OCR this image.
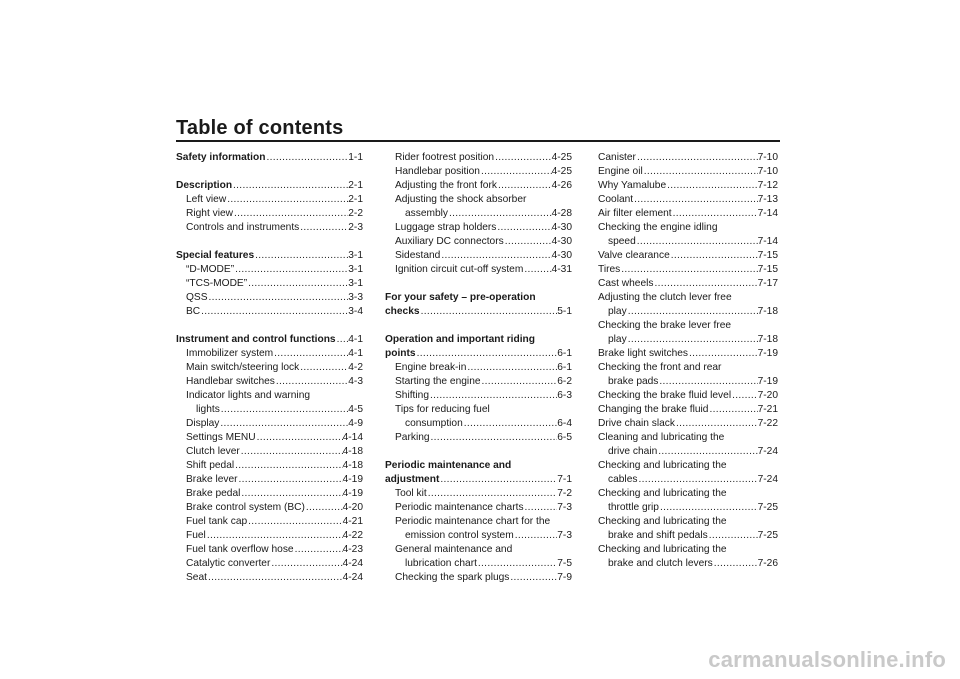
Table of contents
Safety information .....	1-1
Description .....	2-1
Left view .....	2-1
Right view .....	2-2
Controls and instruments .....	2-3
Special features .....	3-1
“D-MODE” .....	3-1
“TCS-MODE” .....	3-1
QSS .....	3-3
BC .....	3-4
Instrument and control functions ..... 4-1
Immobilizer system .....	4-1
Main switch/steering lock .....	4-2
Handlebar switches .....	4-3
Indicator lights and warning
lights .....	4-5
Display .....	4-9
Settings MENU .....	4-14
Clutch lever .....	4-18
Shift pedal .....	4-18
Brake lever .....	4-19
Brake pedal .....	4-19
Brake control system (BC) .....	4-20
Fuel tank cap .....	4-21
Fuel .....	4-22
Fuel tank overflow hose .....	4-23
Catalytic converter .....	4-24
Seat .....	4-24
Rider footrest position .....	4-25
Handlebar position .....	4-25
Adjusting the front fork .....	4-26
Adjusting the shock absorber
assembly .....	4-28
Luggage strap holders .....	4-30
Auxiliary DC connectors .....	4-30
Sidestand .....	4-30
Ignition circuit cut-off system .....	4-31
For your safety – pre-operation
checks .....	5-1
Operation and important riding
points .....	6-1
Engine break-in .....	6-1
Starting the engine .....	6-2
Shifting .....	6-3
Tips for reducing fuel
consumption .....	6-4
Parking .....	6-5
Periodic maintenance and
adjustment .....	7-1
Tool kit .....	7-2
Periodic maintenance charts .....	7-3
Periodic maintenance chart for the
emission control system .....	7-3
General maintenance and
lubrication chart .....	7-5
Checking the spark plugs .....	7-9
Canister .....	7-10
Engine oil .....	7-10
Why Yamalube .....	7-12
Coolant .....	7-13
Air filter element .....	7-14
Checking the engine idling
speed .....	7-14
Valve clearance .....	7-15
Tires .....	7-15
Cast wheels .....	7-17
Adjusting the clutch lever free
play .....	7-18
Checking the brake lever free
play .....	7-18
Brake light switches .....	7-19
Checking the front and rear
brake pads .....	7-19
Checking the brake fluid level .....	7-20
Changing the brake fluid .....	7-21
Drive chain slack .....	7-22
Cleaning and lubricating the
drive chain .....	7-24
Checking and lubricating the
cables .....	7-24
Checking and lubricating the
throttle grip .....	7-25
Checking and lubricating the
brake and shift pedals .....	7-25
Checking and lubricating the
brake and clutch levers .....	7-26
carmanualsonline.info
